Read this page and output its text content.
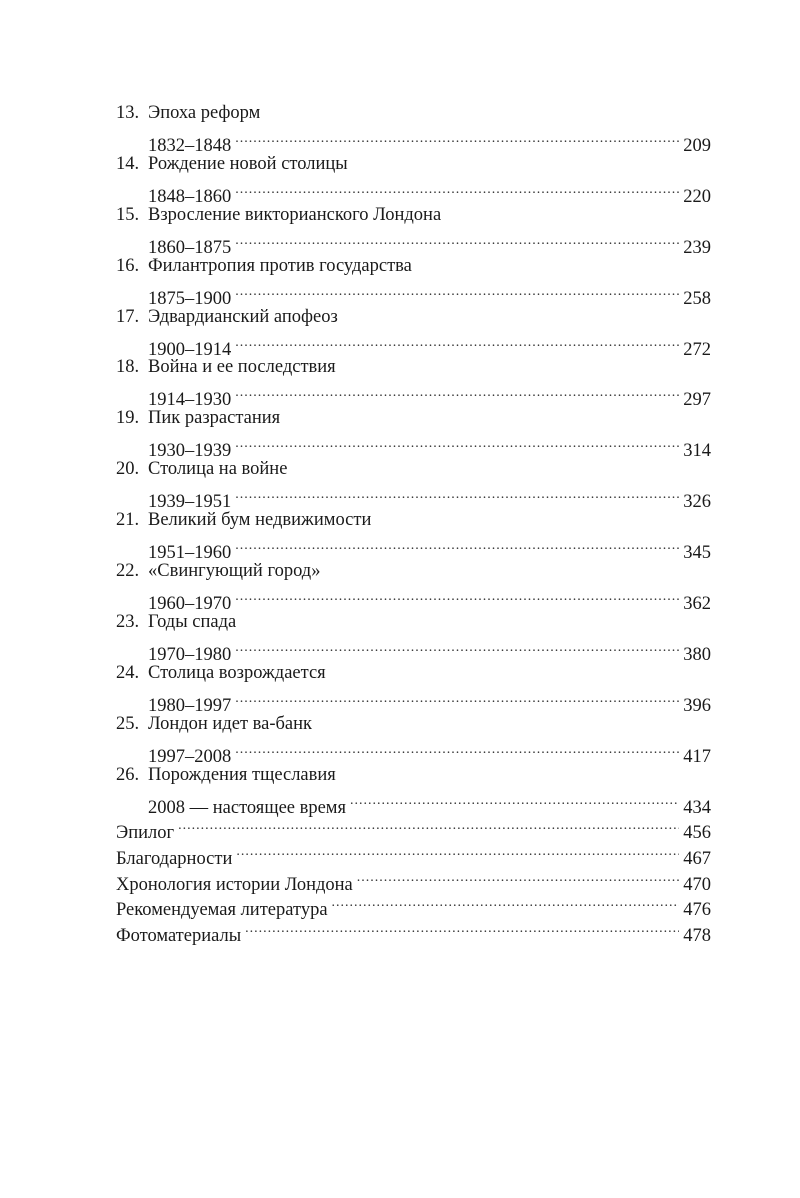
13. Эпоха реформ
1832–1848 .....	209
14. Рождение новой столицы
1848–1860 .....	220
15. Взросление викторианского Лондона
1860–1875 .....	239
16. Филантропия против государства
1875–1900 .....	258
17. Эдвардианский апофеоз
1900–1914 .....	272
18. Война и ее последствия
1914–1930 .....	297
19. Пик разрастания
1930–1939 .....	314
20. Столица на войне
1939–1951 .....	326
21. Великий бум недвижимости
1951–1960 .....	345
22. «Свингующий город»
1960–1970 .....	362
23. Годы спада
1970–1980 .....	380
24. Столица возрождается
1980–1997 .....	396
25. Лондон идет ва-банк
1997–2008 .....	417
26. Порождения тщеславия
2008 — настоящее время .....	434
Эпилог .....	456
Благодарности .....	467
Хронология истории Лондона .....	470
Рекомендуемая литература .....	476
Фотоматериалы .....	478
